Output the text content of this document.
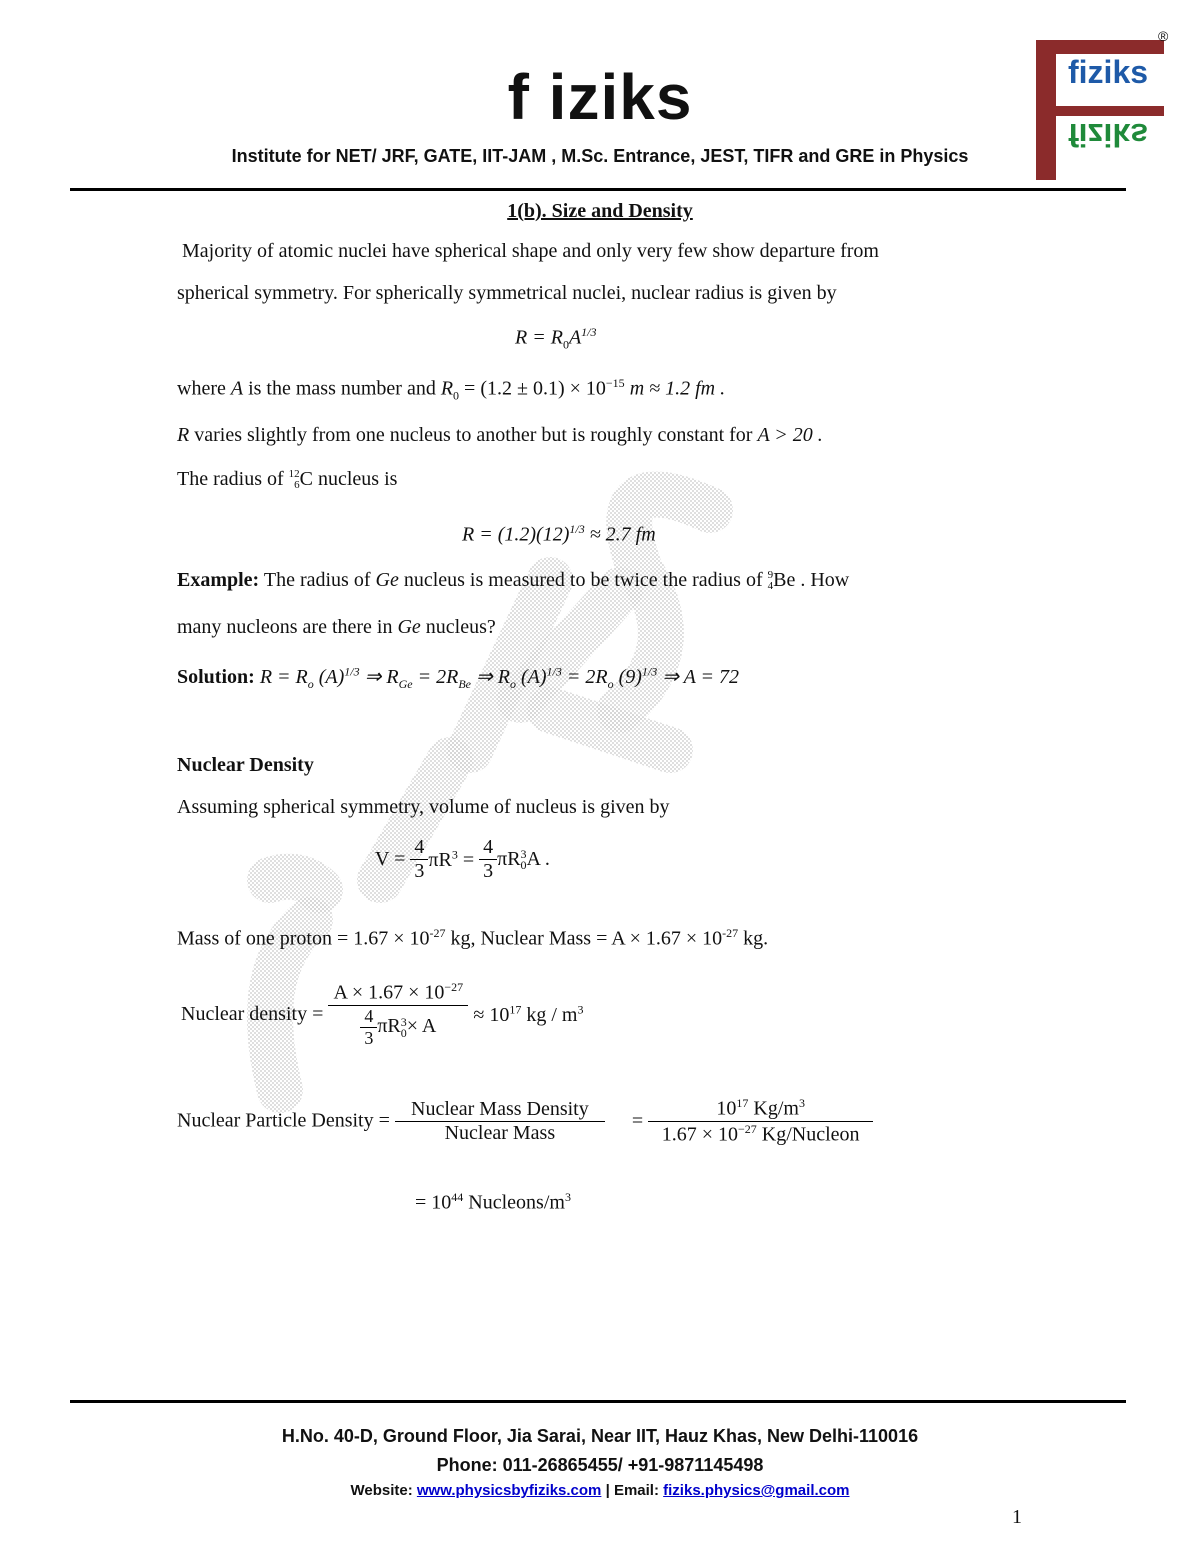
f iziks
Institute for NET/ JRF, GATE, IIT-JAM , M.Sc. Entrance, JEST, TIFR and GRE in Physics
fiziks
fiziks
®
1(b). Size and Density
Majority of atomic nuclei have spherical shape and only very few show departure from
spherical symmetry. For spherically symmetrical nuclei, nuclear radius is given by
$R = R_0A^{1/3}$
where A is the mass number and $R_0 = (1.2 \pm 0.1) \times 10^{-15}$ m ≈ 1.2 fm .
R varies slightly from one nucleus to another but is roughly constant for A > 20 .
The radius of 12
6 C nucleus is
$R = (1.2)(12)^{1/3} \approx 2.7$ fm
Example: The radius of Ge nucleus is measured to be twice the radius of 9
4 Be . How
many nucleons are there in Ge nucleus?
Solution: $R = R_o$ $(A)^{1/3}$ ⇒ $R_{Ge} = 2R_{Be}$ ⇒ $R_o$ $(A)^{1/3} = 2R_o$ $(9)^{1/3}$ ⇒ A = 72
Nuclear Density
Assuming spherical symmetry, volume of nucleus is given by
$V = \frac{4}{3} \pi R^3 = \frac{4}{3}$ πR 3
0 A .
Mass of one proton = $1.67 \times 10^{-27}$ kg, Nuclear Mass = $A \times 1.67 \times 10^{-27}$ kg.
Nuclear density = $A \times 1.67 \times 10^{-27}$
$\frac{4}{3}$ πR 3
$0 \times A \approx 10^{17}$ kg / $m^3$
Nuclear Particle Density = $\frac{\text{Nuclear Mass Density}}{\text{Nuclear Mass}} = \frac{10^{17} Kg/m^3}{1.67 \times 10^{-27} Kg/Nucleon}$
= $10^{44}$ Nucleons/$m^3$
H.No. 40-D, Ground Floor, Jia Sarai, Near IIT, Hauz Khas, New Delhi-110016
Phone: 011-26865455/ +91-9871145498
Website: www.physicsbyfiziks.com | Email: fiziks.physics@gmail.com
1
